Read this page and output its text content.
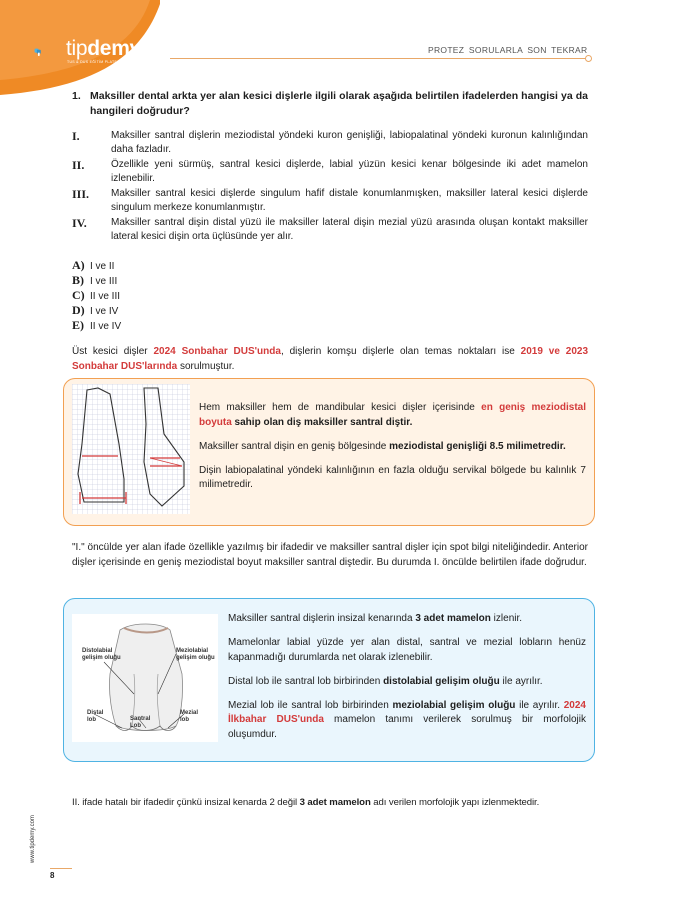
tipdemy
TUS & DUS EĞİTİM PLATFORMU
PROTEZ SORULARLA SON TEKRAR
1. Maksiller dental arkta yer alan kesici dişlerle ilgili olarak aşağıda belirtilen ifadelerden hangisi ya da hangileri doğrudur?
I.	Maksiller santral dişlerin meziodistal yöndeki kuron genişliği, labiopalatinal yöndeki kuronun kalınlığından daha fazladır.
II.	Özellikle yeni sürmüş, santral kesici dişlerde, labial yüzün kesici kenar bölgesinde iki adet mamelon izlenebilir.
III.	Maksiller santral kesici dişlerde singulum hafif distale konumlanmışken, maksiller lateral kesici dişlerde singulum merkeze konumlanmıştır.
IV.	Maksiller santral dişin distal yüzü ile maksiller lateral dişin mezial yüzü arasında oluşan kontakt maksiller lateral kesici dişin orta üçlüsünde yer alır.
A) I ve II
B) I ve III
C) II ve III
D) I ve IV
E) II ve IV
Üst kesici dişler 2024 Sonbahar DUS'unda, dişlerin komşu dişlerle olan temas noktaları ise 2019 ve 2023 Sonbahar DUS'larında sorulmuştur.

Hem maksiller hem de mandibular kesici dişler içerisinde en geniş meziodistal boyuta sahip olan diş maksiller santral diştir.

Maksiller santral dişin en geniş bölgesinde meziodistal genişliği 8.5 milimetredir.

Dişin labiopalatinal yöndeki kalınlığının en fazla olduğu servikal bölgede bu kalınlık 7 milimetredir.

"I." öncülde yer alan ifade özellikle yazılmış bir ifadedir ve maksiller santral dişler için spot bilgi niteliğindedir. Anterior dişler içerisinde en geniş meziodistal boyut maksiller santral diştedir. Bu durumda I. öncülde belirtilen ifade doğrudur.
Distolabial gelişim oluğu
Meziolabial gelişim oluğu
Distal lob	Santral Lob
Mezial lob

Maksiller santral dişlerin insizal kenarında 3 adet mamelon izlenir.

Mamelonlar labial yüzde yer alan distal, santral ve mezial lobların henüz kapanmadığı durumlarda net olarak izlenebilir.

Distal lob ile santral lob birbirinden distolabial gelişim oluğu ile ayrılır.

Mezial lob ile santral lob birbirinden meziolabial gelişim oluğu ile ayrılır. 2024 İlkbahar DUS'unda mamelon tanımı verilerek sorulmuş bir morfolojik oluşumdur.

II. ifade hatalı bir ifadedir çünkü insizal kenarda 2 değil 3 adet mamelon adı verilen morfolojik yapı izlenmektedir.
www.tipdemy.com
8
